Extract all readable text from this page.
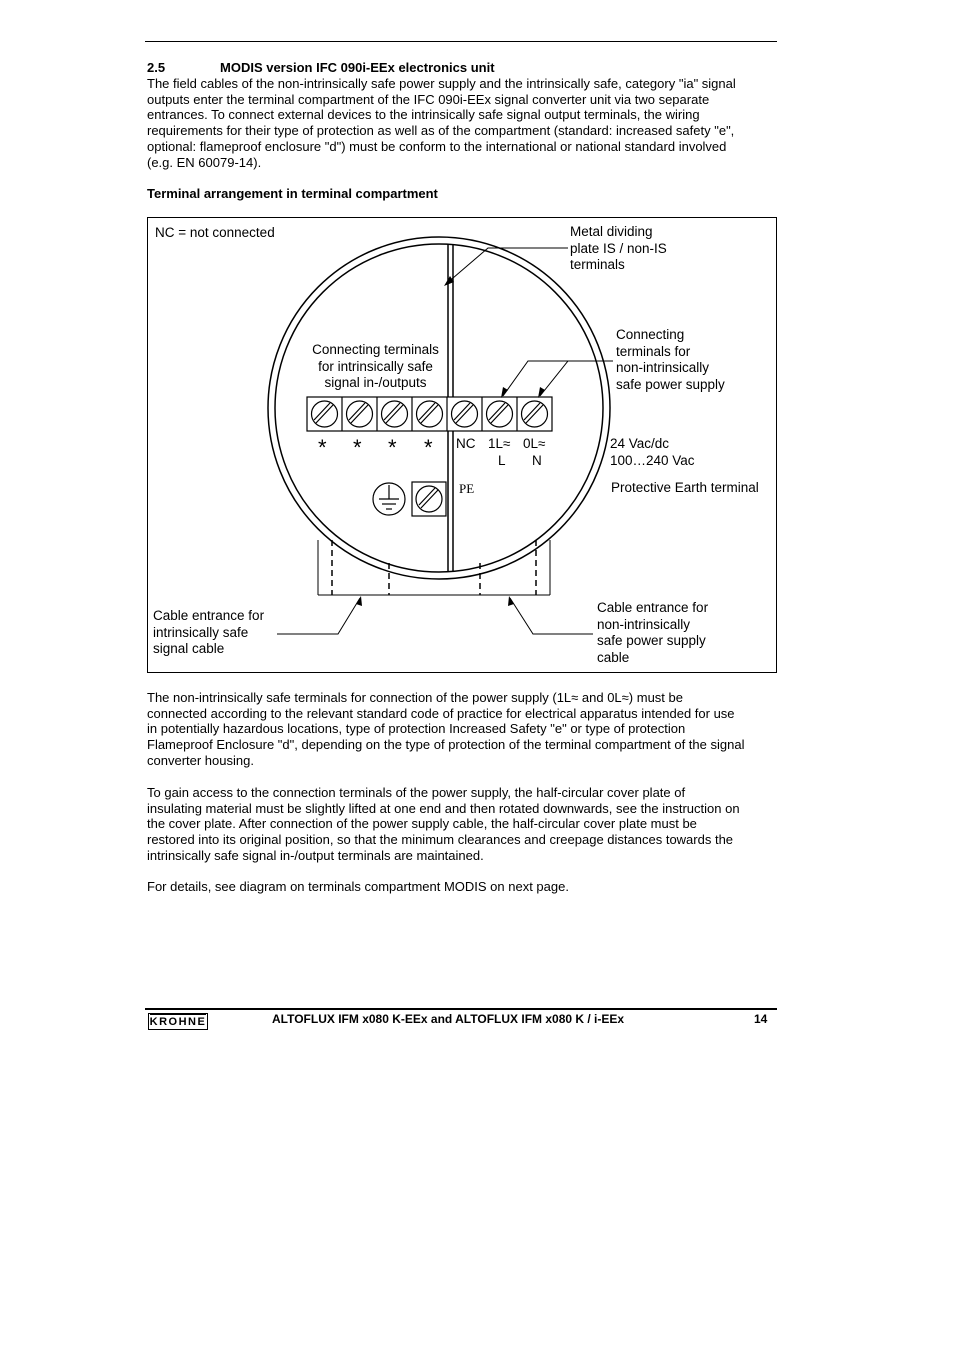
2.5	MODIS version IFC 090i-EEx electronics unit
The field cables of the non-intrinsically safe power supply and the intrinsically safe, category "ia" signal
outputs enter the terminal compartment of the IFC 090i-EEx signal converter unit via two separate
entrances. To connect external devices to the intrinsically safe signal output terminals, the wiring
requirements for their type of protection as well as of the compartment (standard: increased safety "e",
optional: flameproof enclosure "d") must be conform to the international or national standard involved
(e.g. EN 60079-14).
Terminal arrangement in terminal compartment
NC = not connected	Metal dividing
plate IS / non-IS
terminals
Connecting terminals
for intrinsically safe
signal in-/outputs
Connecting
terminals for
non-intrinsically
safe power supply
* * * * NC 1L≈ 0L≈
L N
24 Vac/dc
100…240 Vac
PE	Protective Earth terminal
Cable entrance for
intrinsically safe
signal cable
Cable entrance for
non-intrinsically
safe power supply
cable
The non-intrinsically safe terminals for connection of the power supply (1L≈ and 0L≈) must be
connected according to the relevant standard code of practice for electrical apparatus intended for use
in potentially hazardous locations, type of protection Increased Safety "e" or type of protection
Flameproof Enclosure "d", depending on the type of protection of the terminal compartment of the signal
converter housing.
To gain access to the connection terminals of the power supply, the half-circular cover plate of
insulating material must be slightly lifted at one end and then rotated downwards, see the instruction on
the cover plate. After connection of the power supply cable, the half-circular cover plate must be
restored into its original position, so that the minimum clearances and creepage distances towards the
intrinsically safe signal in-/output terminals are maintained.
For details, see diagram on terminals compartment MODIS on next page.
KROHNE	ALTOFLUX IFM x080 K-EEx and ALTOFLUX IFM x080 K / i-EEx	14
